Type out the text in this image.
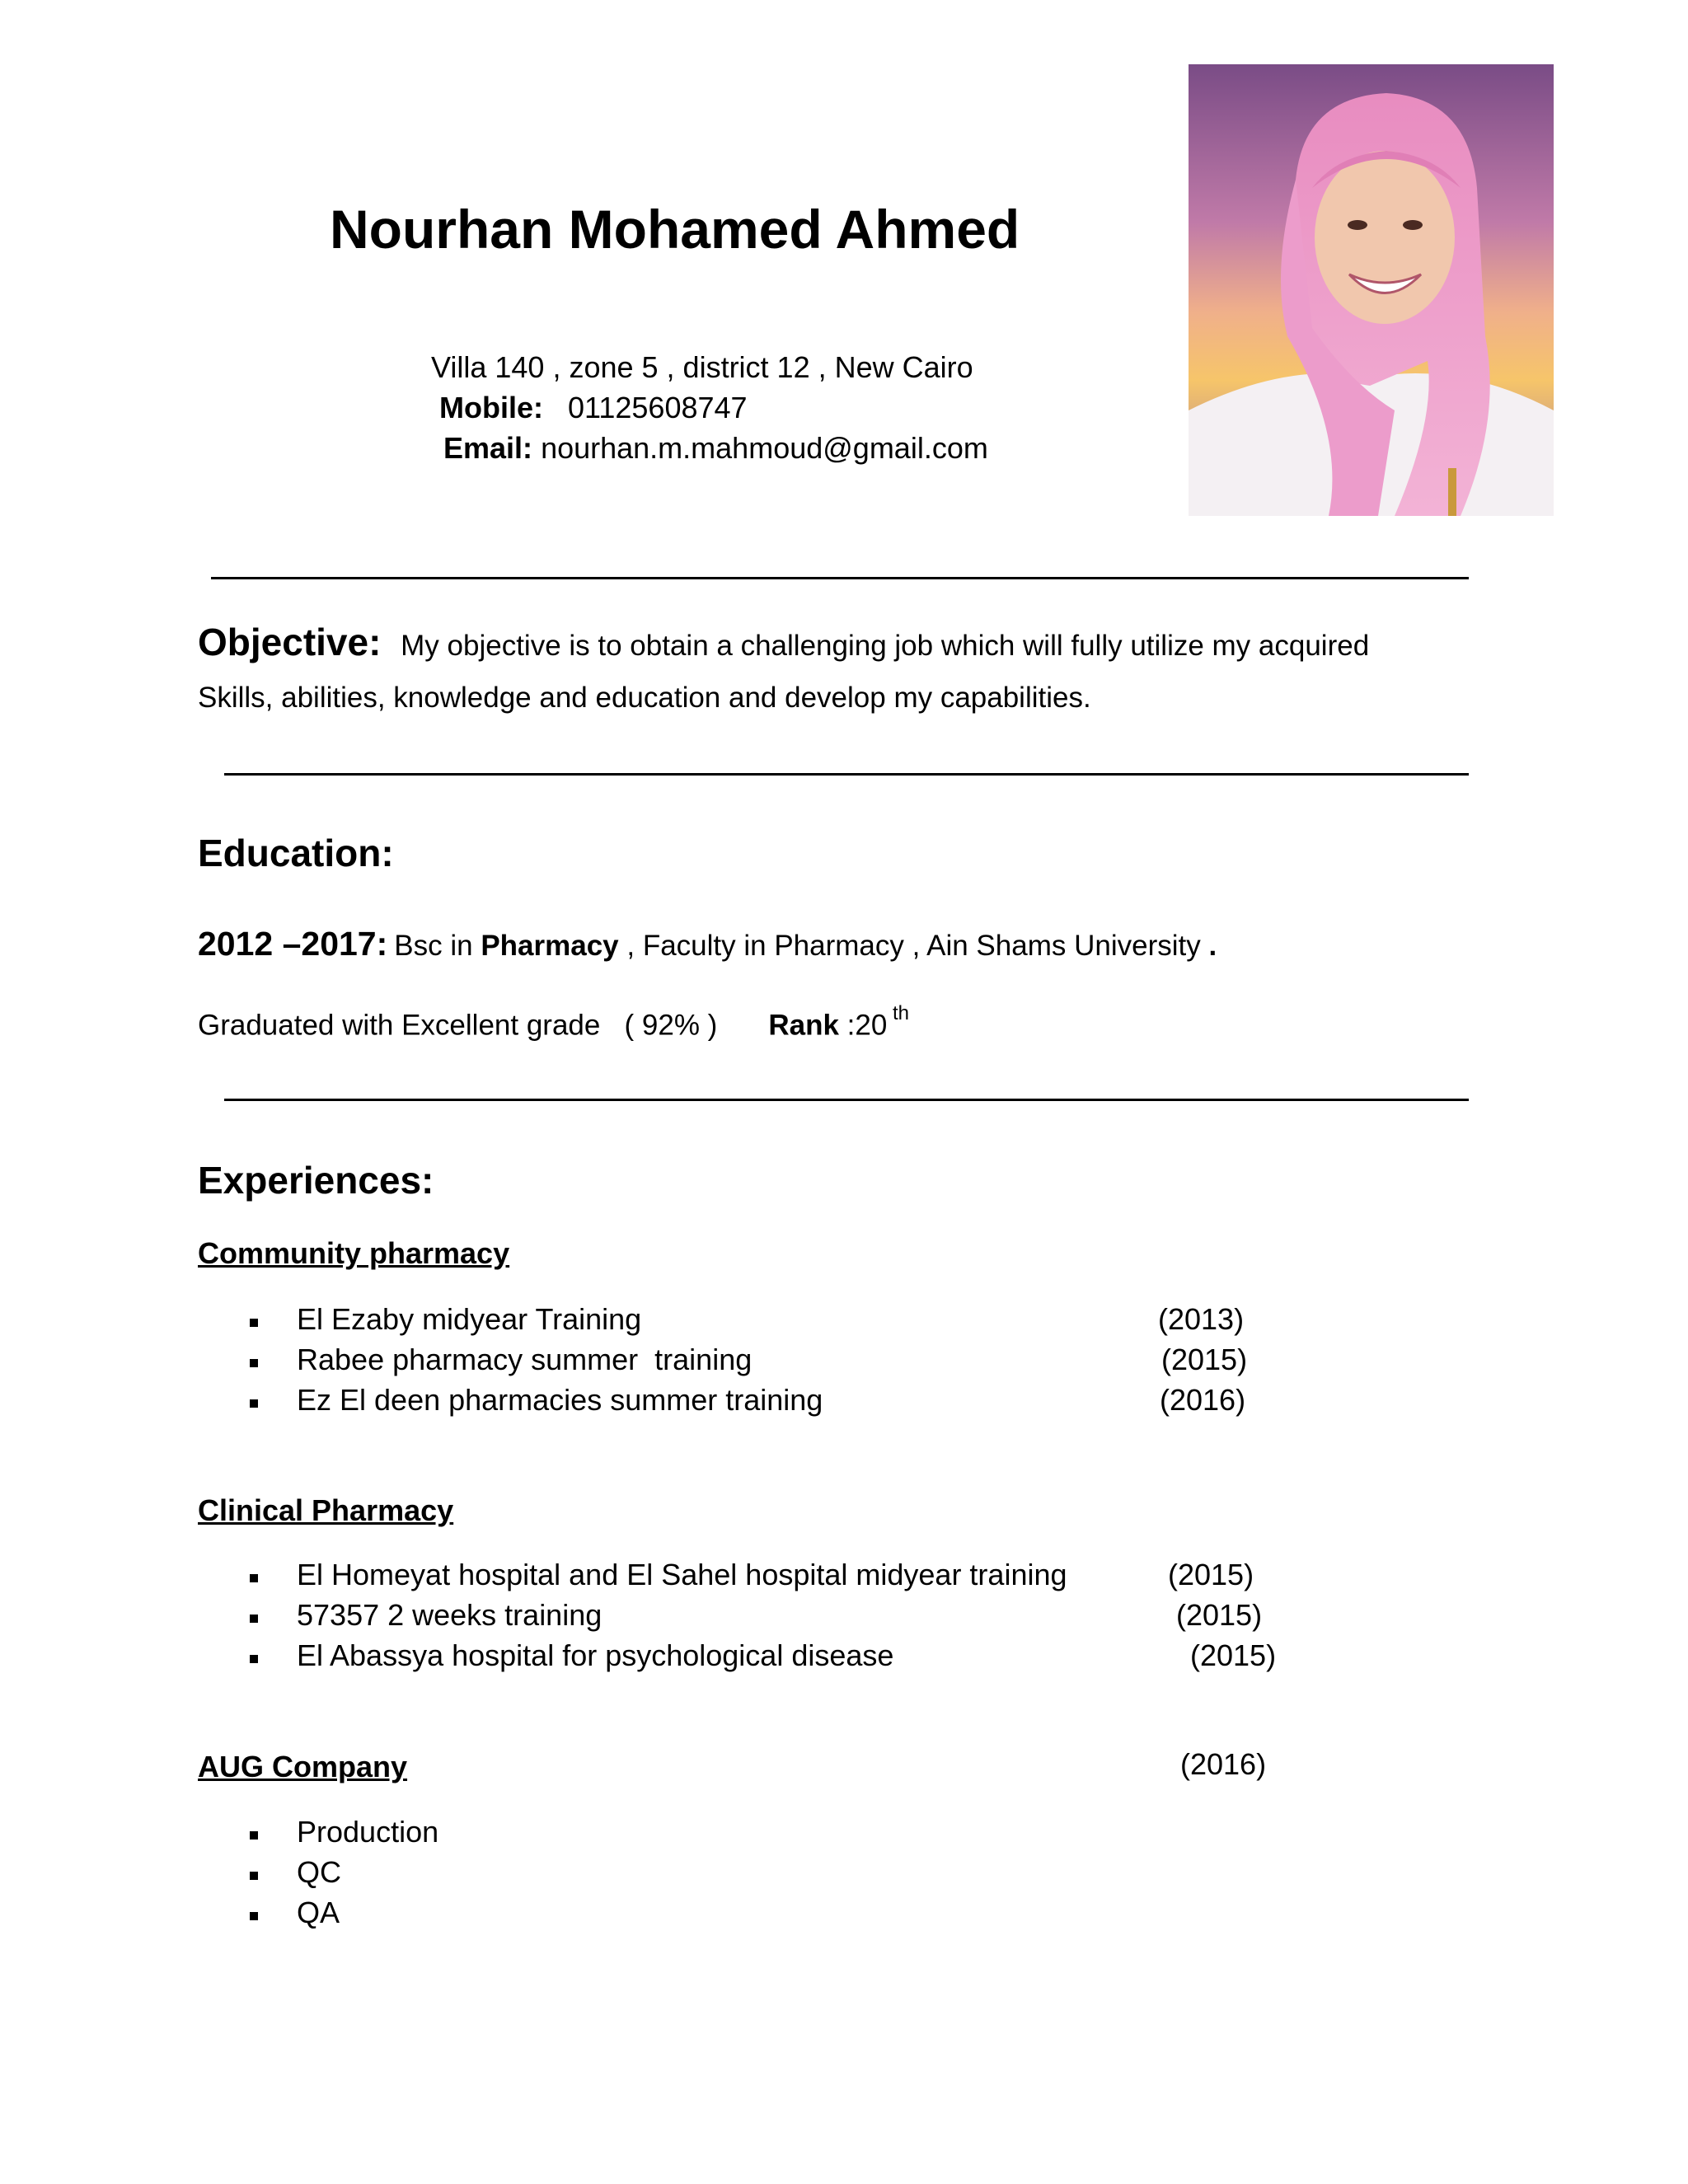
Nourhan Mohamed Ahmed
Villa 140 , zone 5 , district 12 , New Cairo
Mobile: 01125608747
Email: nourhan.m.mahmoud@gmail.com
Objective: My objective is to obtain a challenging job which will fully utilize my acquired
Skills, abilities, knowledge and education and develop my capabilities.
Education:
2012 –2017: Bsc in Pharmacy , Faculty in Pharmacy , Ain Shams University .
Graduated with Excellent grade   ( 92% ) Rank :20 $^{th}$
Experiences:
Community pharmacy
El Ezaby midyear Training	(2013)
Rabee pharmacy summer  training	(2015)
Ez El deen pharmacies summer training	(2016)
Clinical Pharmacy
El Homeyat hospital and El Sahel hospital midyear training	(2015)
57357 2 weeks training	(2015)
El Abassya hospital for psychological disease	(2015)
AUG Company	(2016)
Production
QC
QA
